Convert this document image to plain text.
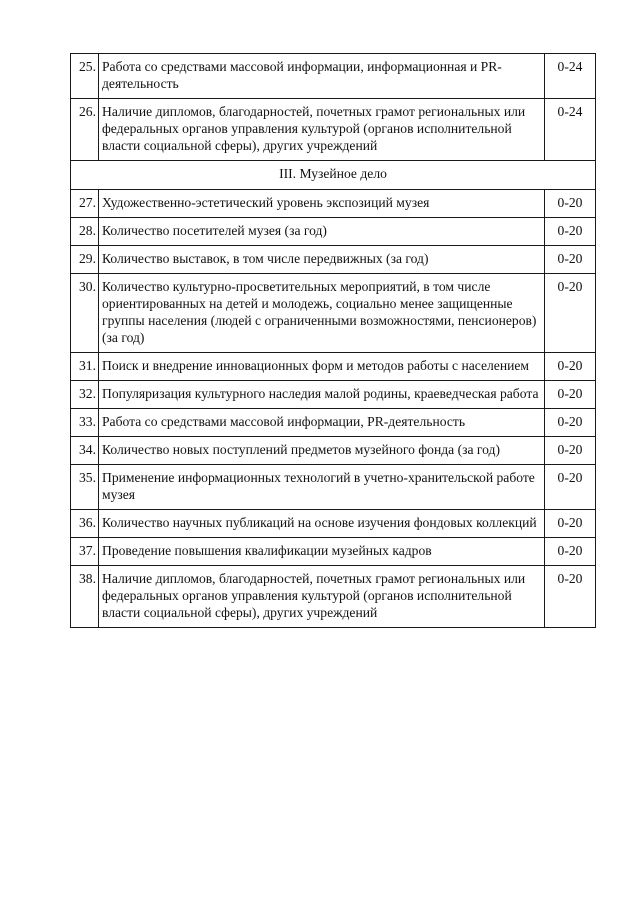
25.	Работа со средствами массовой информации, информационная и PR-деятельность	0-24
26.	Наличие дипломов, благодарностей, почетных грамот региональных или федеральных органов управления культурой (органов исполнительной власти социальной сферы), других учреждений	0-24
III. Музейное дело		
27.	Художественно-эстетический уровень экспозиций музея	0-20
28.	Количество посетителей музея (за год)	0-20
29.	Количество выставок, в том числе передвижных (за год)	0-20
30.	Количество культурно-просветительных мероприятий, в том числе ориентированных на детей и молодежь, социально менее защищенные группы населения (людей с ограниченными возможностями, пенсионеров) (за год)	0-20
31.	Поиск и внедрение инновационных форм и методов работы с населением	0-20
32.	Популяризация культурного наследия малой родины, краеведческая работа	0-20
33.	Работа со средствами массовой информации, PR-деятельность	0-20
34.	Количество новых поступлений предметов музейного фонда (за год)	0-20
35.	Применение информационных технологий в учетно-хранительской работе музея	0-20
36.	Количество научных публикаций на основе изучения фондовых коллекций	0-20
37.	Проведение повышения квалификации музейных кадров	0-20
38.	Наличие дипломов, благодарностей, почетных грамот региональных или федеральных органов управления культурой (органов исполнительной власти социальной сферы), других учреждений	0-20
